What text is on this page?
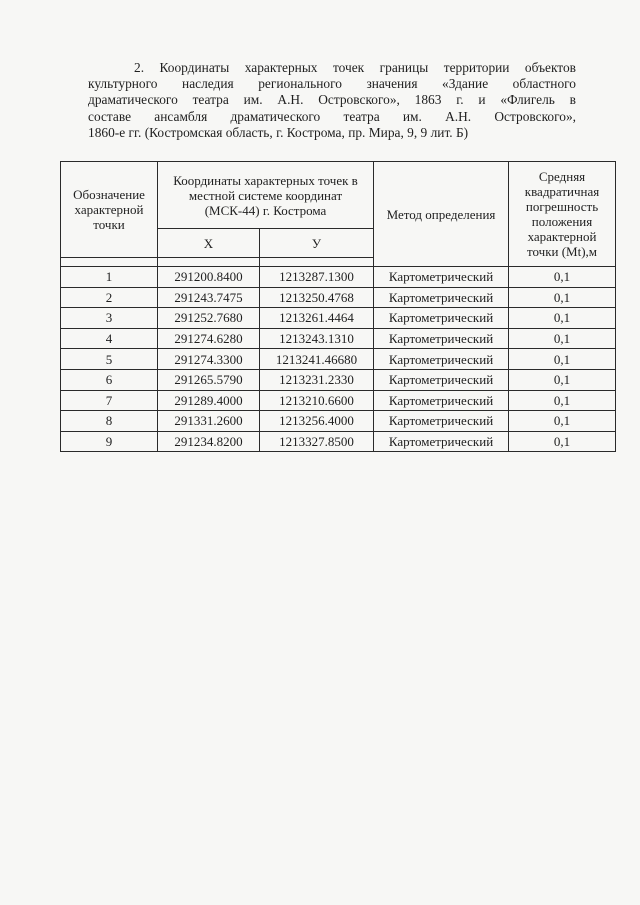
2. Координаты характерных точек границы территории объектов
культурного наследия регионального значения «Здание областного
драматического театра им. А.Н. Островского», 1863 г. и «Флигель в
составе ансамбля драматического театра им. А.Н. Островского»,
1860-е гг. (Костромская область, г. Кострома, пр. Мира, 9, 9 лит. Б)
Обозначение характерной точки	Координаты характерных точек в местной системе координат (МСК-44) г. Кострома		Метод определения	Средняя квадратичная погрешность положения характерной точки (Mt),м
	Х	У		

1	291200.8400	1213287.1300	Картометрический	0,1
2	291243.7475	1213250.4768	Картометрический	0,1
3	291252.7680	1213261.4464	Картометрический	0,1
4	291274.6280	1213243.1310	Картометрический	0,1
5	291274.3300	1213241.46680	Картометрический	0,1
6	291265.5790	1213231.2330	Картометрический	0,1
7	291289.4000	1213210.6600	Картометрический	0,1
8	291331.2600	1213256.4000	Картометрический	0,1
9	291234.8200	1213327.8500	Картометрический	0,1
